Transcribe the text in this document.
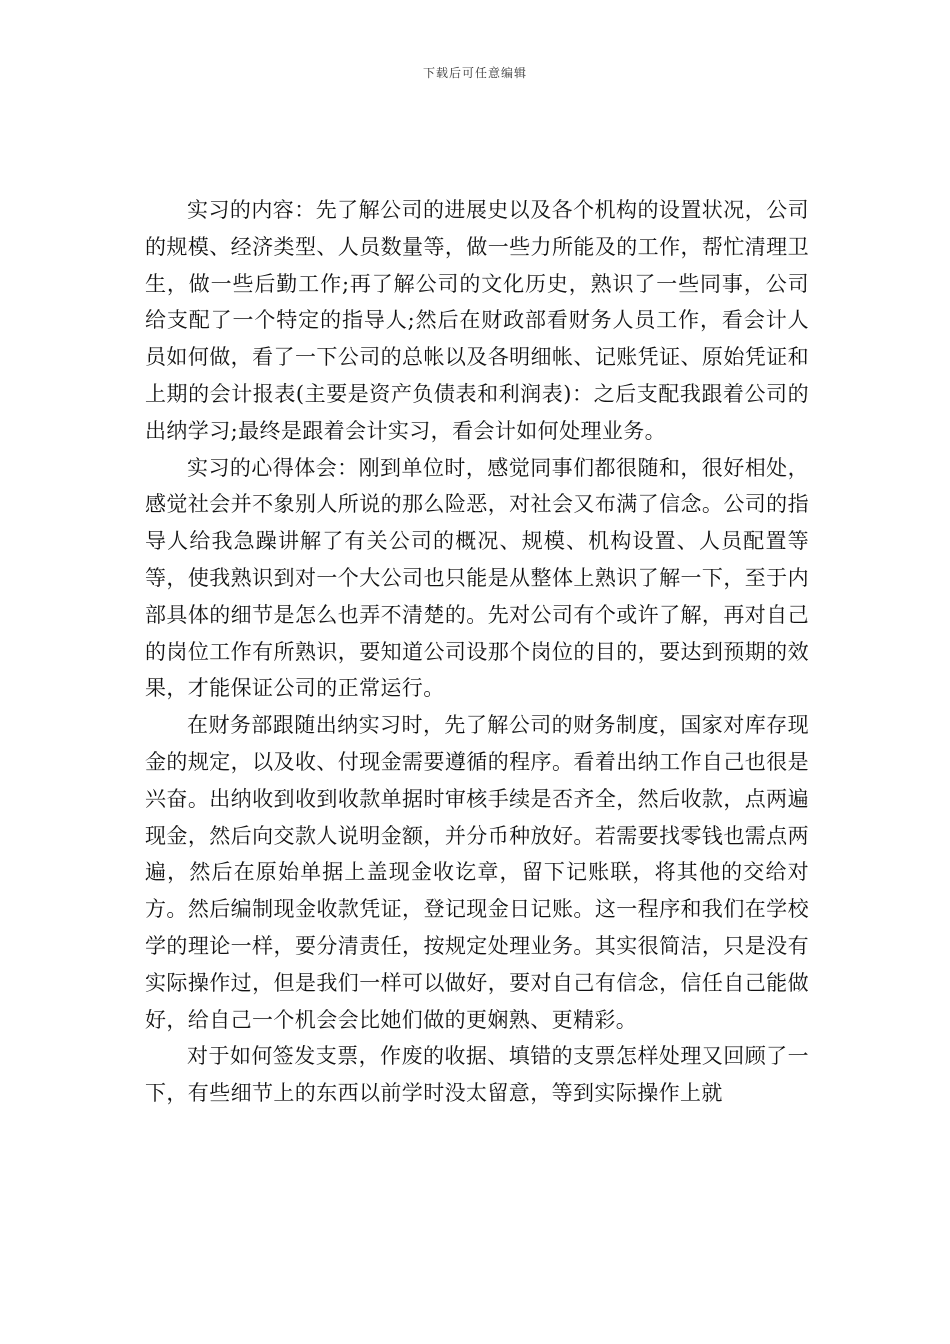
下载后可任意编辑

实习的内容：先了解公司的进展史以及各个机构的设置状况，公司的规模、经济类型、人员数量等，做一些力所能及的工作，帮忙清理卫生，做一些后勤工作;再了解公司的文化历史，熟识了一些同事，公司给支配了一个特定的指导人;然后在财政部看财务人员工作，看会计人员如何做，看了一下公司的总帐以及各明细帐、记账凭证、原始凭证和上期的会计报表(主要是资产负债表和利润表)：之后支配我跟着公司的出纳学习;最终是跟着会计实习，看会计如何处理业务。

实习的心得体会：刚到单位时，感觉同事们都很随和，很好相处，感觉社会并不象别人所说的那么险恶，对社会又布满了信念。公司的指导人给我急躁讲解了有关公司的概况、规模、机构设置、人员配置等等，使我熟识到对一个大公司也只能是从整体上熟识了解一下，至于内部具体的细节是怎么也弄不清楚的。先对公司有个或许了解，再对自己的岗位工作有所熟识，要知道公司设那个岗位的目的，要达到预期的效果，才能保证公司的正常运行。

在财务部跟随出纳实习时，先了解公司的财务制度，国家对库存现金的规定，以及收、付现金需要遵循的程序。看着出纳工作自己也很是兴奋。出纳收到收到收款单据时审核手续是否齐全，然后收款，点两遍现金，然后向交款人说明金额，并分币种放好。若需要找零钱也需点两遍，然后在原始单据上盖现金收讫章，留下记账联，将其他的交给对方。然后编制现金收款凭证，登记现金日记账。这一程序和我们在学校学的理论一样，要分清责任，按规定处理业务。其实很简洁，只是没有实际操作过，但是我们一样可以做好，要对自己有信念，信任自己能做好，给自己一个机会会比她们做的更娴熟、更精彩。

对于如何签发支票，作废的收据、填错的支票怎样处理又回顾了一下，有些细节上的东西以前学时没太留意，等到实际操作上就
